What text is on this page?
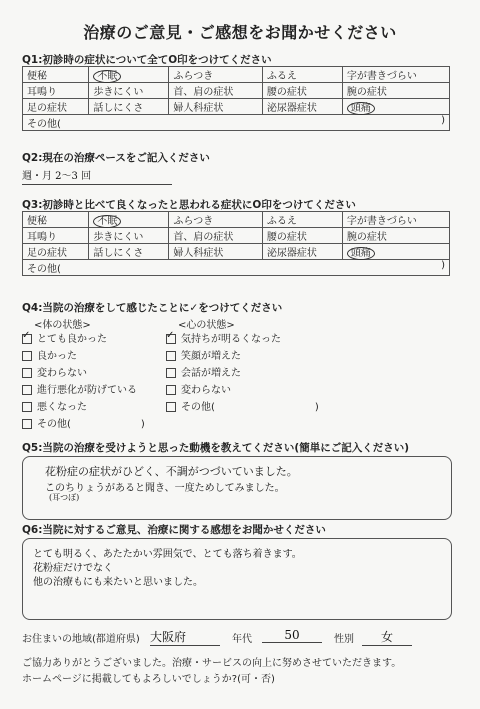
治療のご意見・ご感想をお聞かせください
Q1:初診時の症状について全てO印をつけてください
便秘	不眠	ふらつき	ふるえ	字が書きづらい
耳鳴り	歩きにくい	首、肩の症状	腰の症状	腕の症状
足の症状	話しにくさ	婦人科症状	泌尿器症状	頭痛
その他( )				
Q2:現在の治療ペースをご記入ください
週・月 2〜3 回
Q3:初診時と比べて良くなったと思われる症状にO印をつけてください
便秘	不眠	ふらつき	ふるえ	字が書きづらい
耳鳴り	歩きにくい	首、肩の症状	腰の症状	腕の症状
足の症状	話しにくさ	婦人科症状	泌尿器症状	頭痛
その他( )				
Q4:当院の治療をして感じたことに✓をつけてください
<体の状態>	<心の状態>
✓とても良かった
良かった
変わらない
進行悪化が防げている
悪くなった
その他(	)
✓気持ちが明るくなった
笑顔が増えた
会話が増えた
変わらない
その他(	)
Q5:当院の治療を受けようと思った動機を教えてください(簡単にご記入ください)
花粉症の症状がひどく、不調がつづいていました。
このちりょうがあると聞き、一度ためしてみました。
(耳つぼ)
Q6:当院に対するご意見、治療に関する感想をお聞かせください
とても明るく、あたたかい雰囲気で、とても落ち着きます。
花粉症だけでなく
他の治療もにも来たいと思いました。
お住まいの地域(都道府県) 大阪府	年代	50	性別	女
ご協力ありがとうございました。治療・サービスの向上に努めさせていただきます。
ホームページに掲載してもよろしいでしょうか?(可・否)
